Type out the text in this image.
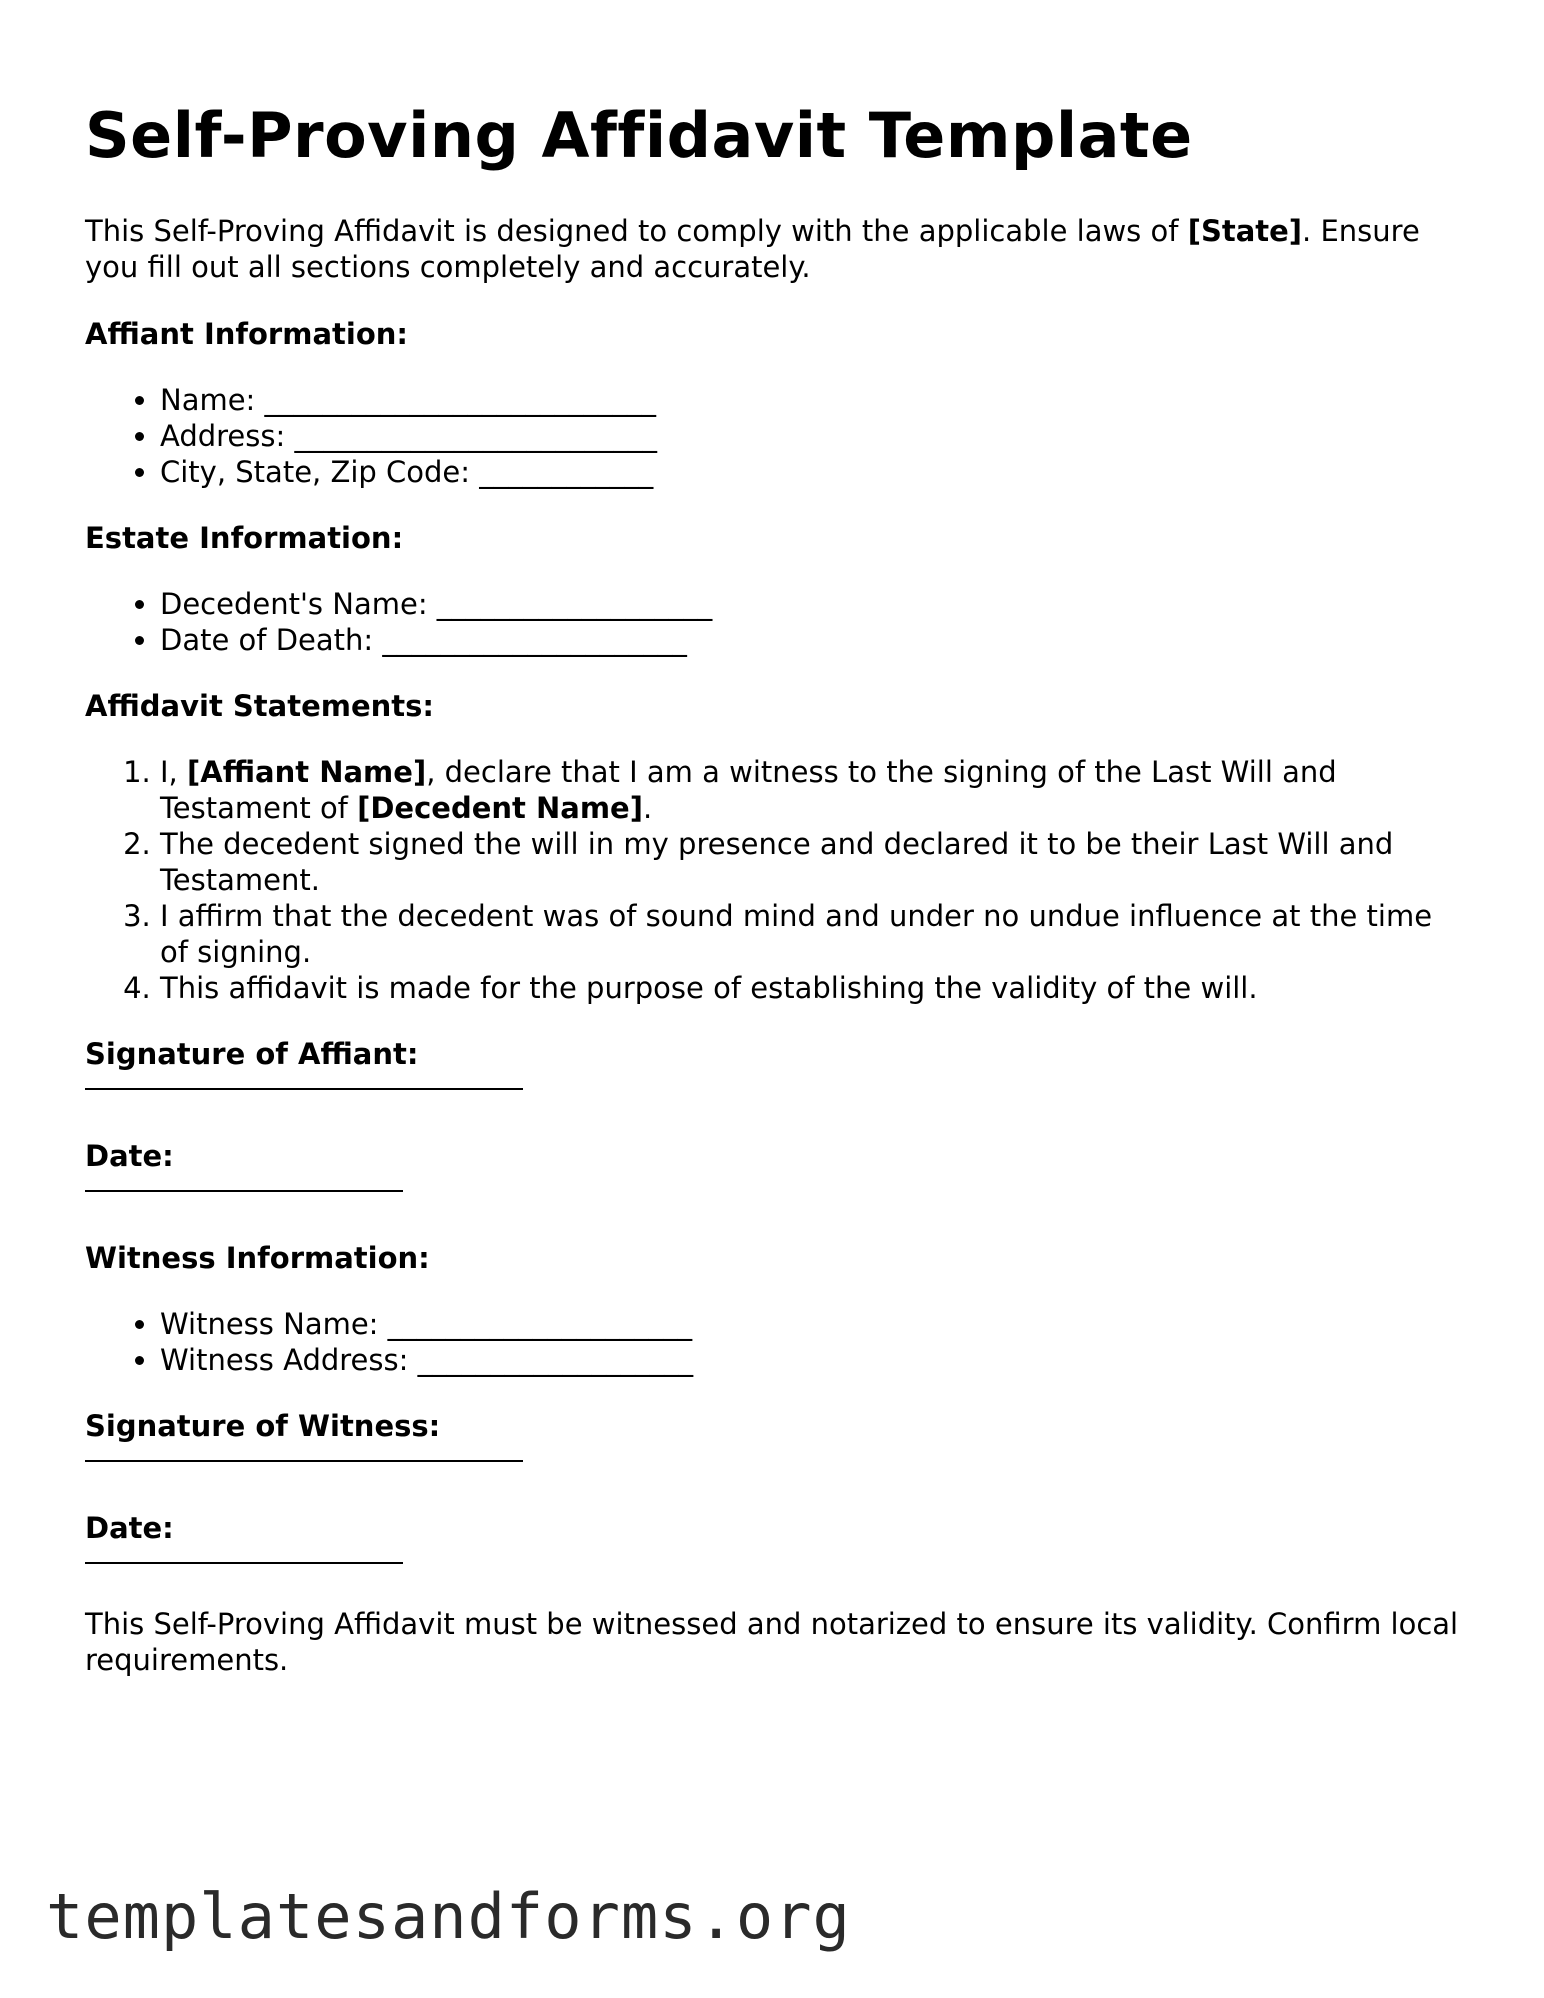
Self-Proving Affidavit Template

This Self-Proving Affidavit is designed to comply with the applicable laws of [State]. Ensure you fill out all sections completely and accurately.

Affiant Information:
• Name: ___________________________
• Address: _________________________
• City, State, Zip Code: ____________
Estate Information:
• Decedent's Name: ___________________
• Date of Death: _____________________
Affidavit Statements:
1. I, [Affiant Name], declare that I am a witness to the signing of the Last Will and Testament of [Decedent Name].
2. The decedent signed the will in my presence and declared it to be their Last Will and Testament.
3. I affirm that the decedent was of sound mind and under no undue influence at the time of signing.
4. This affidavit is made for the purpose of establishing the validity of the will.
Signature of Affiant:
Date:
Witness Information:
• Witness Name: _____________________
• Witness Address: ___________________
Signature of Witness:
Date:

This Self-Proving Affidavit must be witnessed and notarized to ensure its validity. Confirm local requirements.

templatesandforms.org
